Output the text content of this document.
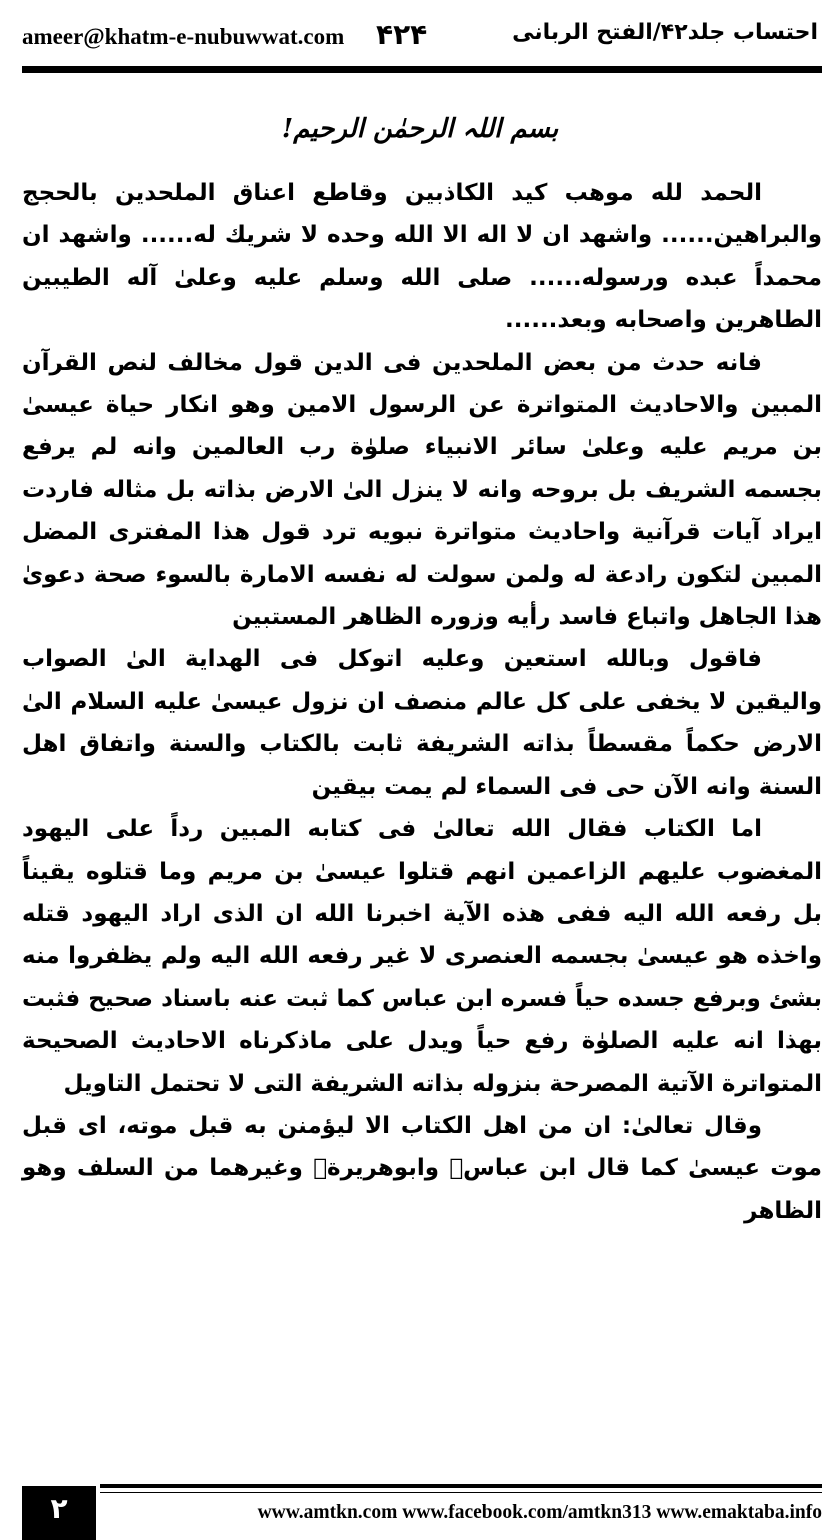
ameer@khatm-e-nubuwwat.com ۴۲۴	احتساب جلد۴۲/الفتح الربانی
بسم اللہ الرحمٰن الرحیم!

الحمد لله موهب كيد الكاذبين وقاطع اعناق الملحدين بالحجج والبراهين...... واشهد ان لا اله الا الله وحده لا شريك له...... واشهد ان محمداً عبده ورسوله...... صلى الله وسلم عليه وعلىٰ آله الطيبين الطاهرين واصحابه وبعد......

فانه حدث من بعض الملحدين فى الدين قول مخالف لنص القرآن المبين والاحاديث المتواترة عن الرسول الامين وهو انكار حياة عيسىٰ بن مريم عليه وعلىٰ سائر الانبياء صلوٰة رب العالمين وانه لم يرفع بجسمه الشريف بل بروحه وانه لا ينزل الىٰ الارض بذاته بل مثاله فاردت ايراد آيات قرآنية واحاديث متواترة نبويه ترد قول هذا المفترى المضل المبين لتكون رادعة له ولمن سولت له نفسه الامارة بالسوء صحة دعوىٰ هذا الجاهل واتباع فاسد رأيه وزوره الظاهر المستبين

فاقول وبالله استعين وعليه اتوكل فى الهداية الىٰ الصواب واليقين لا يخفى على كل عالم منصف ان نزول عيسىٰ عليه السلام الىٰ الارض حكماً مقسطاً بذاته الشريفة ثابت بالكتاب والسنة واتفاق اهل السنة وانه الآن حى فى السماء لم يمت بيقين

اما الكتاب فقال الله تعالىٰ فى كتابه المبين رداً على اليهود المغضوب عليهم الزاعمين انهم قتلوا عيسىٰ بن مريم وما قتلوه يقيناً بل رفعه الله اليه ففى هذه الآية اخبرنا الله ان الذى اراد اليهود قتله واخذه هو عيسىٰ بجسمه العنصرى لا غير رفعه الله اليه ولم يظفروا منه بشئ وبرفع جسده حياً فسره ابن عباس كما ثبت عنه باسناد صحيح فثبت بهذا انه عليه الصلوٰة رفع حياً ويدل على ماذكرناه الاحاديث الصحيحة المتواترة الآتية المصرحة بنزوله بذاته الشريفة التى لا تحتمل التاويل

وقال تعالىٰ: ان من اهل الكتاب الا ليؤمنن به قبل موته، اى قبل موت عيسىٰ كما قال ابن عباسؓ وابوهريرةؓ وغيرهما من السلف وهو الظاهر

۲	www.amtkn.com www.facebook.com/amtkn313 www.emaktaba.info
